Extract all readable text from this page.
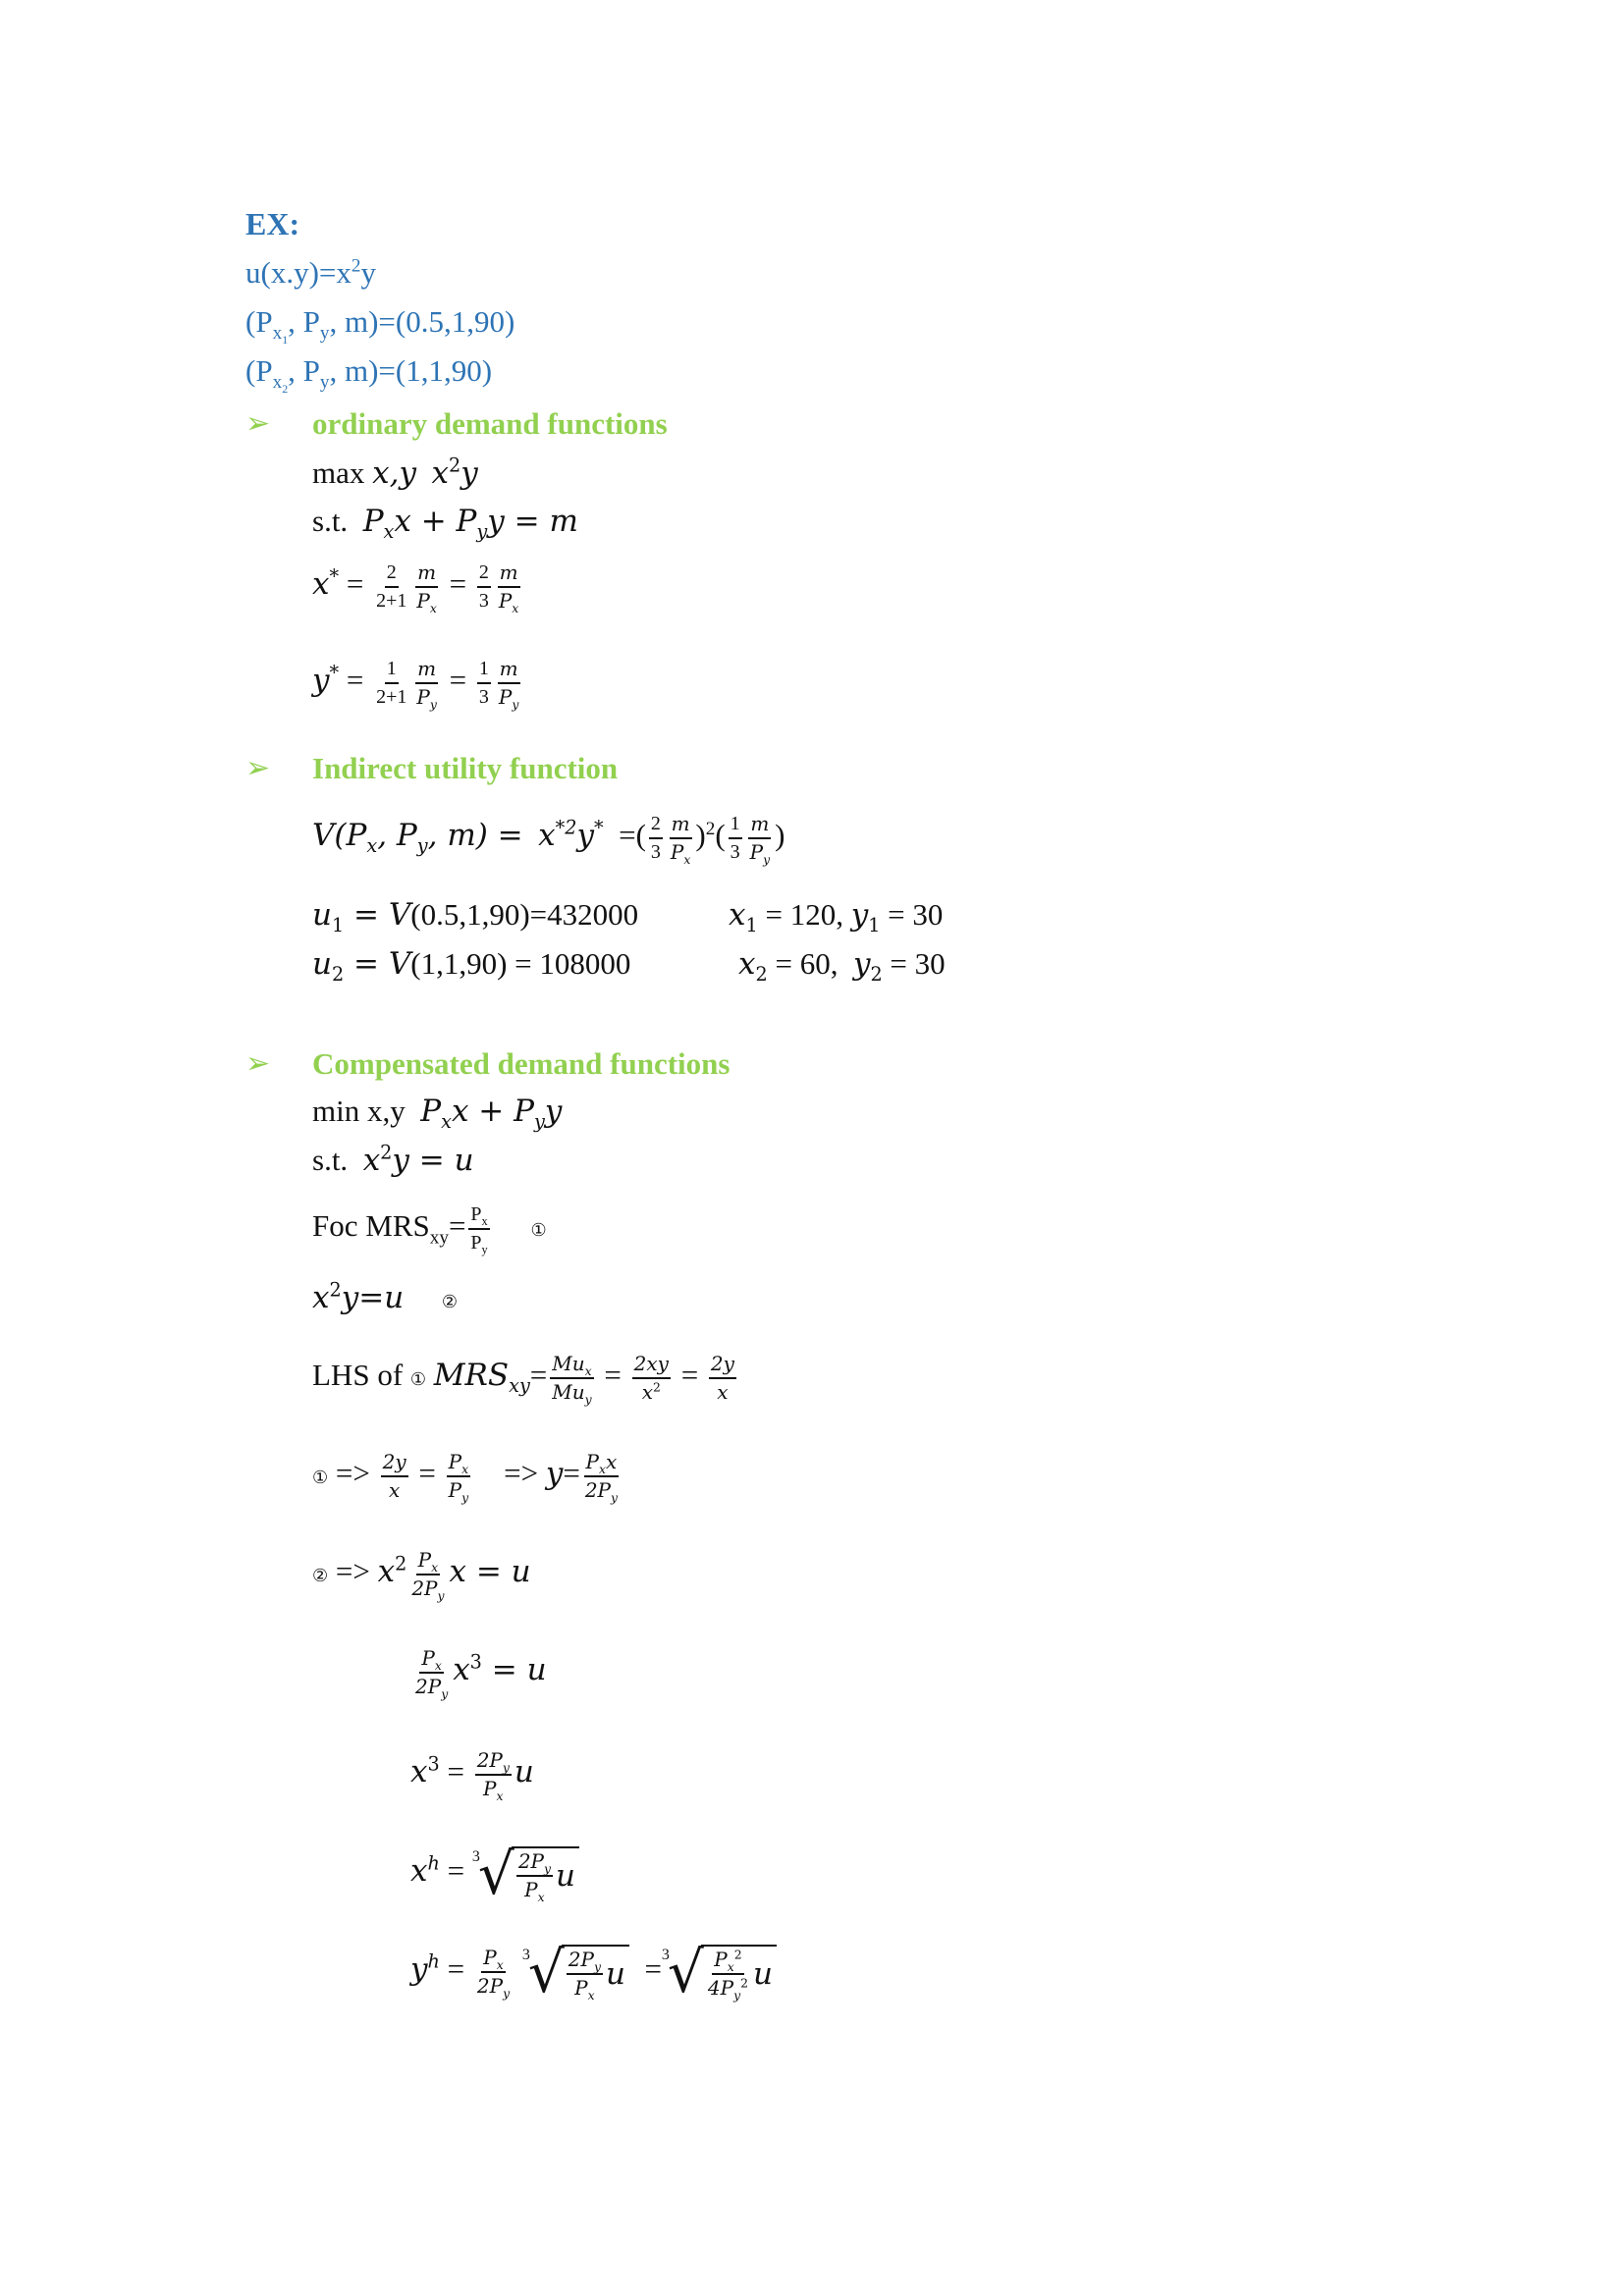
EX:
$u(x.y)=x^2y$
($P_{x_1}$, $P_y$, m)=(0.5,1,90)
($P_{x_2}$, $P_y$, m)=(1,1,90)
➢ ordinary demand functions
max x,y $x^2y$
s.t. $P_xx + P_yy = m$
$x^* = \frac{2}{2+1} \frac{m}{P_x} = \frac{2}{3} \frac{m}{P_x}$
$y^* = \frac{1}{2+1} \frac{m}{P_y} = \frac{1}{3} \frac{m}{P_y}$
➢ Indirect utility function
$V(P_x$, $P_y$, $m) = x^{*2}y^*$  =( $\frac{2}{3} \frac{m}{P_x} )^2( \frac{1}{3} \frac{m}{P_y}$ )
$u_1 = V(0.5,1,90)=432000$	$x_1 = 120$, $y_1 = 30$
$u_2 = V(1,1,90) = 108000$	$x_2 = 60$,  $y_2 = 30$
➢ Compensated demand functions
min x,y $P_xx + P_yy$
s.t. $x^2y = u$
Foc $MRS_{xy}= \frac{P_x}{P_y}$ ①
$x^2y=u$ ②
LHS of ① $MRS_{xy}= \frac{Mu_x}{Mu_y} = \frac{2xy}{x^2} = \frac{2y}{x}$
① => $\frac{2y}{x} = \frac{P_x}{P_y} => y= \frac{P_xx}{2P_y}$
② => $x^2 \frac{P_x}{2P_y}$ x = u
$\frac{P_x}{2P_y} x^3 = u$
$x^3 = \frac{2P_y}{P_x}$ u
$x^h = 3$
√ $\frac{2P_y}{P_x}$ u
$y^h = \frac{P_x}{2P_y}$
3
√ $\frac{2P_y}{P_x}$ u = 3
√ $\frac{P_x^2}{4P_y^2}$ u
